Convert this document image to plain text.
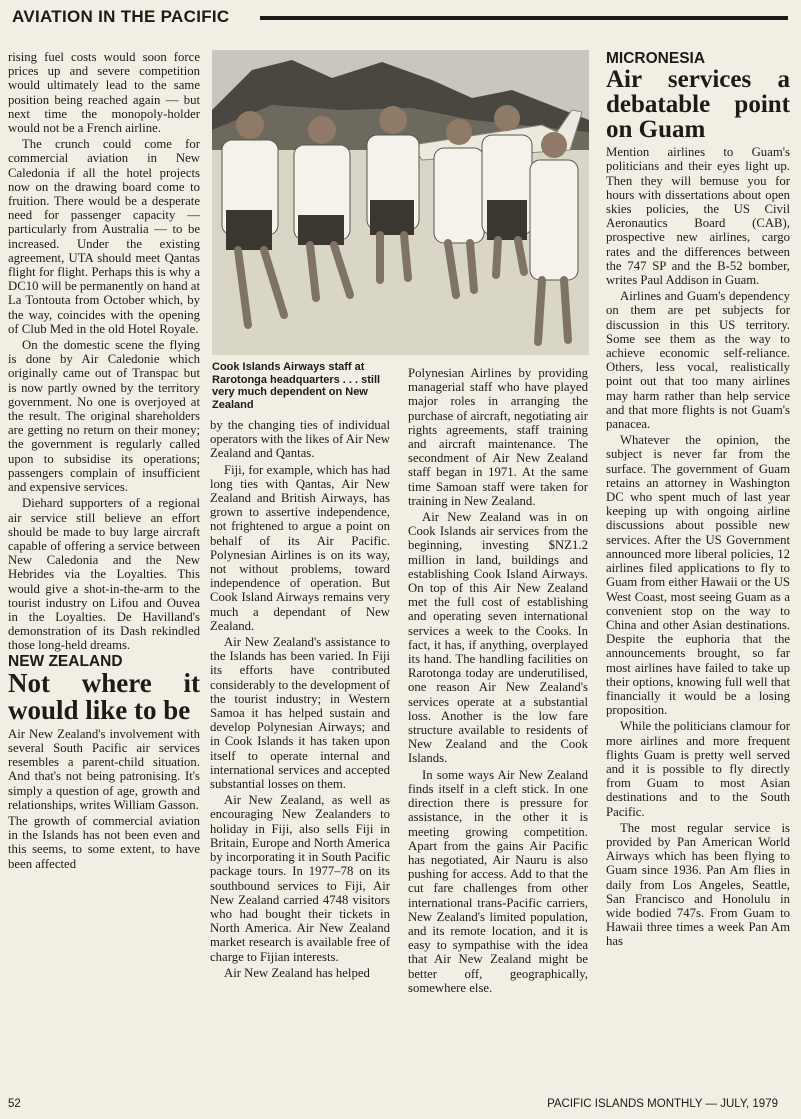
AVIATION IN THE PACIFIC

rising fuel costs would soon force prices up and severe competition would ultimately lead to the same position being reached again — but next time the monopoly-holder would not be a French airline.

The crunch could come for commercial aviation in New Caledonia if all the hotel projects now on the drawing board come to fruition. There would be a desperate need for passenger capacity — particularly from Australia — to be increased. Under the existing agreement, UTA should meet Qantas flight for flight. Perhaps this is why a DC10 will be permanently on hand at La Tontouta from October which, by the way, coincides with the opening of Club Med in the old Hotel Royale.

On the domestic scene the flying is done by Air Caledonie which originally came out of Transpac but is now partly owned by the territory government. No one is overjoyed at the result. The original shareholders are getting no return on their money; the government is regularly called upon to subsidise its operations; passengers complain of insufficient and expensive services.

Diehard supporters of a regional air service still believe an effort should be made to buy large aircraft capable of offering a service between New Caledonia and the New Hebrides via the Loyalties. This would give a shot-in-the-arm to the tourist industry on Lifou and Ouvea in the Loyalties. De Havilland's demonstration of its Dash rekindled those long-held dreams.

NEW ZEALAND
Not where it would like to be

Air New Zealand's involvement with several South Pacific air services resembles a parent-child situation. And that's not being patronising. It's simply a question of age, growth and relationships, writes William Gasson.

The growth of commercial aviation in the Islands has not been even and this seems, to some extent, to have been affected

Cook Islands Airways staff at Rarotonga headquarters . . . still very much dependent on New Zealand

by the changing ties of individual operators with the likes of Air New Zealand and Qantas.

Fiji, for example, which has had long ties with Qantas, Air New Zealand and British Airways, has grown to assertive independence, not frightened to argue a point on behalf of its Air Pacific. Polynesian Airlines is on its way, not without problems, toward independence of operation. But Cook Island Airways remains very much a dependant of New Zealand.

Air New Zealand's assistance to the Islands has been varied. In Fiji its efforts have contributed considerably to the development of the tourist industry; in Western Samoa it has helped sustain and develop Polynesian Airways; and in Cook Islands it has taken upon itself to operate internal and international services and accepted substantial losses on them.

Air New Zealand, as well as encouraging New Zealanders to holiday in Fiji, also sells Fiji in Britain, Europe and North America by incorporating it in South Pacific package tours. In 1977–78 on its southbound services to Fiji, Air New Zealand carried 4748 visitors who had bought their tickets in North America. Air New Zealand market research is available free of charge to Fijian interests.

Air New Zealand has helped

Polynesian Airlines by providing managerial staff who have played major roles in arranging the purchase of aircraft, negotiating air rights agreements, staff training and aircraft maintenance. The secondment of Air New Zealand staff began in 1971. At the same time Samoan staff were taken for training in New Zealand.

Air New Zealand was in on Cook Islands air services from the beginning, investing $NZ1.2 million in land, buildings and establishing Cook Island Airways. On top of this Air New Zealand met the full cost of establishing and operating seven international services a week to the Cooks. In fact, it has, if anything, overplayed its hand. The handling facilities on Rarotonga today are underutilised, one reason Air New Zealand's services operate at a substantial loss. Another is the low fare structure available to residents of New Zealand and the Cook Islands.

In some ways Air New Zealand finds itself in a cleft stick. In one direction there is pressure for assistance, in the other it is meeting growing competition. Apart from the gains Air Pacific has negotiated, Air Nauru is also pushing for access. Add to that the cut fare challenges from other international trans-Pacific carriers, New Zealand's limited population, and its remote location, and it is easy to sympathise with the idea that Air New Zealand might be better off, geographically, somewhere else.

MICRONESIA
Air services a debatable point on Guam

Mention airlines to Guam's politicians and their eyes light up. Then they will bemuse you for hours with dissertations about open skies policies, the US Civil Aeronautics Board (CAB), prospective new airlines, cargo rates and the differences between the 747 SP and the B-52 bomber, writes Paul Addison in Guam.

Airlines and Guam's dependency on them are pet subjects for discussion in this US territory. Some see them as the way to achieve economic self-reliance. Others, less vocal, realistically point out that too many airlines may harm rather than help service and that more flights is not Guam's panacea.

Whatever the opinion, the subject is never far from the surface. The government of Guam retains an attorney in Washington DC who spent much of last year keeping up with ongoing airline discussions about possible new services. After the US Government announced more liberal policies, 12 airlines filed applications to fly to Guam from either Hawaii or the US West Coast, most seeing Guam as a convenient stop on the way to China and other Asian destinations. Despite the euphoria that the announcements brought, so far most airlines have failed to take up their options, knowing full well that financially it would be a losing proposition.

While the politicians clamour for more airlines and more frequent flights Guam is pretty well served and it is possible to fly directly from Guam to most Asian destinations and to the South Pacific.

The most regular service is provided by Pan American World Airways which has been flying to Guam since 1936. Pan Am flies in daily from Los Angeles, Seattle, San Francisco and Honolulu in wide bodied 747s. From Guam to Hawaii three times a week Pan Am has

52	PACIFIC ISLANDS MONTHLY — JULY, 1979
